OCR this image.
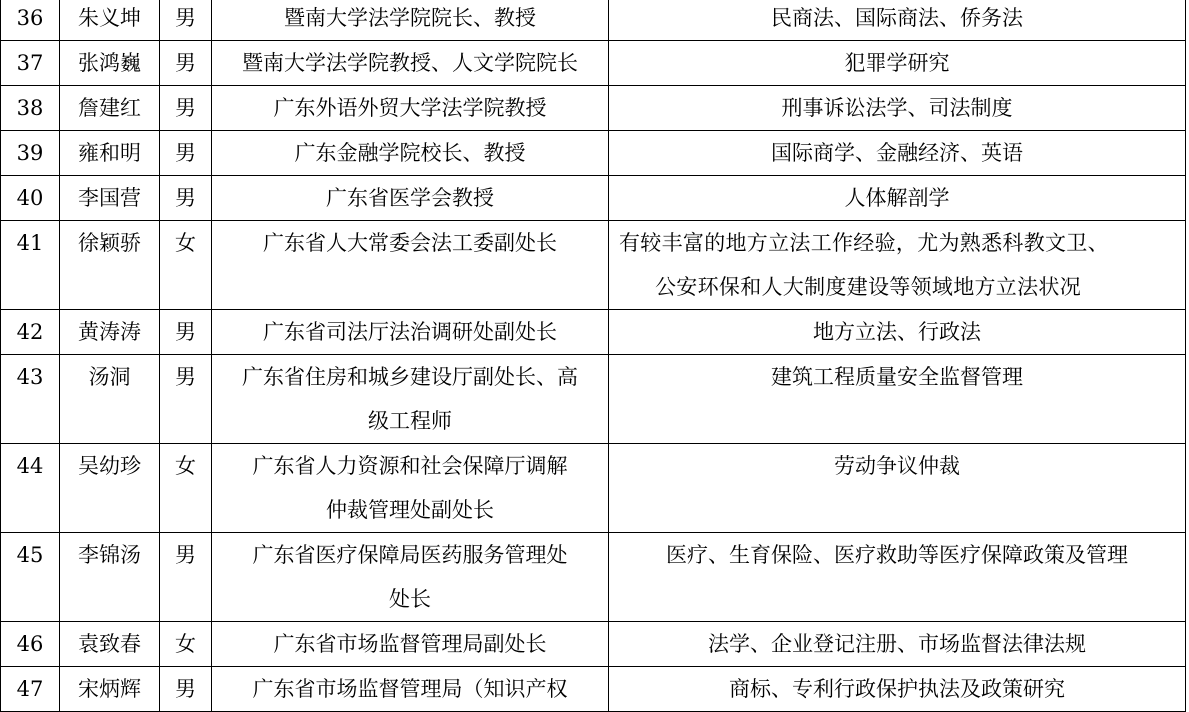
36	朱义坤	男	暨南大学法学院院长、教授	民商法、国际商法、侨务法

37	张鸿巍	男	暨南大学法学院教授、人文学院院长	犯罪学研究

38	詹建红	男	广东外语外贸大学法学院教授	刑事诉讼法学、司法制度

39	雍和明	男	广东金融学院校长、教授	国际商学、金融经济、英语

40	李国营	男	广东省医学会教授	人体解剖学

41	徐颖骄	女	广东省人大常委会法工委副处长	有较丰富的地方立法工作经验，尤为熟悉科教文卫、
公安环保和人大制度建设等领域地方立法状况

42	黄涛涛	男	广东省司法厅法治调研处副处长	地方立法、行政法

43	汤洞	男	广东省住房和城乡建设厅副处长、高
级工程师	建筑工程质量安全监督管理

44	吴幼珍	女	广东省人力资源和社会保障厅调解
仲裁管理处副处长	劳动争议仲裁

45	李锦汤	男	广东省医疗保障局医药服务管理处
处长	医疗、生育保险、医疗救助等医疗保障政策及管理

46	袁致春	女	广东省市场监督管理局副处长	法学、企业登记注册、市场监督法律法规

47	宋炳辉	男	广东省市场监督管理局（知识产权	商标、专利行政保护执法及政策研究
